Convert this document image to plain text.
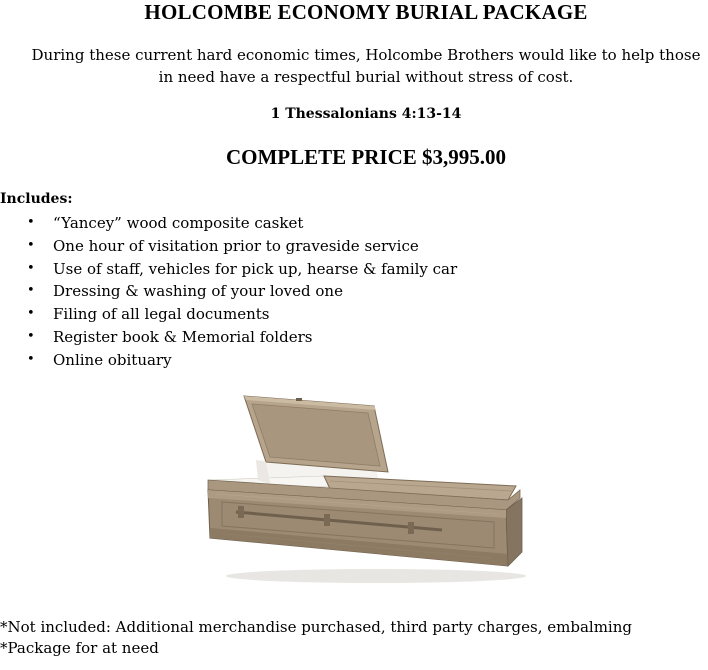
HOLCOMBE ECONOMY BURIAL PACKAGE
During these current hard economic times, Holcombe Brothers would like to help those in need have a respectful burial without stress of cost.
1 Thessalonians 4:13-14
COMPLETE PRICE $3,995.00
Includes:
• “Yancey” wood composite casket
• One hour of visitation prior to graveside service
• Use of staff, vehicles for pick up, hearse & family car
• Dressing & washing of your loved one
• Filing of all legal documents
• Register book & Memorial folders
• Online obituary
*Not included: Additional merchandise purchased, third party charges, embalming
*Package for at need
